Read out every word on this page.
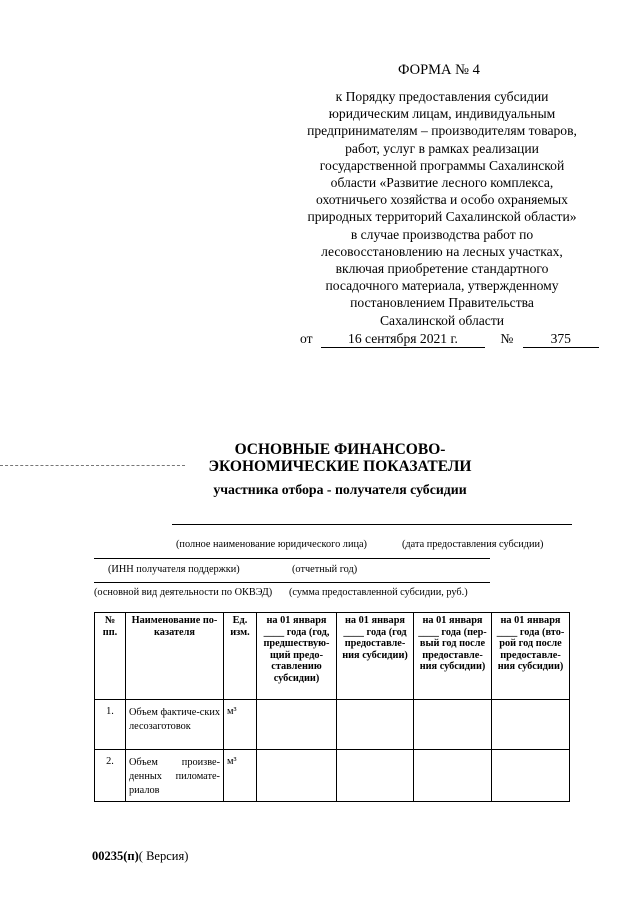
ФОРМА № 4
к Порядку предоставления субсидии
юридическим лицам, индивидуальным
предпринимателям – производителям товаров,
работ, услуг в рамках реализации
государственной программы Сахалинской
области «Развитие лесного комплекса,
охотничьего хозяйства и особо охраняемых
природных территорий Сахалинской области»
в случае производства работ по
лесовосстановлению на лесных участках,
включая приобретение стандартного
посадочного материала, утвержденному
постановлением Правительства
Сахалинской области
от	16 сентября 2021 г.	№	375
ОСНОВНЫЕ ФИНАНСОВО-
ЭКОНОМИЧЕСКИЕ ПОКАЗАТЕЛИ
участника отбора - получателя субсидии
(полное наименование юридического лица)	(дата предоставления субсидии)
(ИНН получателя поддержки)	(отчетный год)
(основной вид деятельности по ОКВЭД) (сумма предоставленной субсидии, руб.)
№ пп.	Наименование по-казателя	Ед. изм.	на 01 января ____ года (год, предшествую-щий предо-ставлению субсидии)	на 01 января ____ года (год предоставле-ния субсидии)	на 01 января ____ года (пер-вый год после предоставле-ния субсидии)	на 01 января ____ года (вто-рой год после предоставле-ния субсидии)
1.	Объем фактиче-ских лесозаготовок	м³				
2.	Объем произве-денных пиломате-риалов	м³				
00235(п)( Версия)
